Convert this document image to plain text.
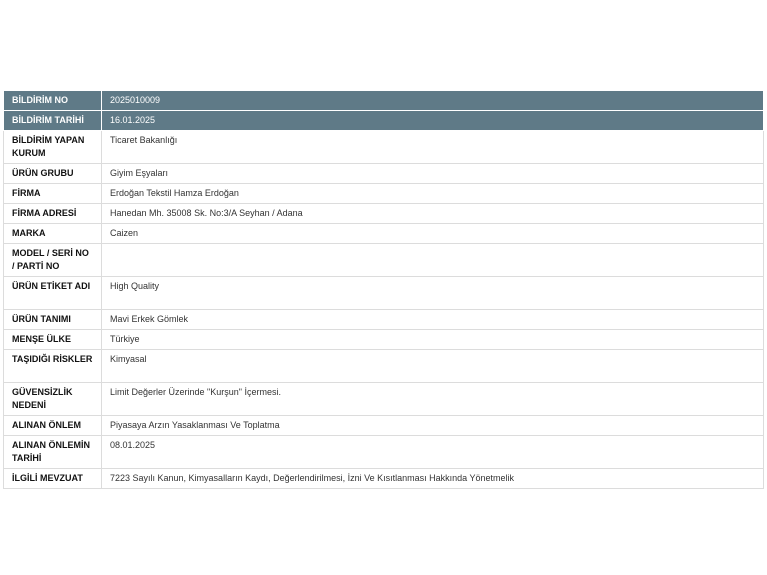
BİLDİRİM NO	2025010009
BİLDİRİM TARİHİ	16.01.2025
BİLDİRİM YAPAN KURUM	Ticaret Bakanlığı
ÜRÜN GRUBU	Giyim Eşyaları
FİRMA	Erdoğan Tekstil Hamza Erdoğan
FİRMA ADRESİ	Hanedan Mh. 35008 Sk. No:3/A Seyhan / Adana
MARKA	Caizen
MODEL / SERİ NO / PARTİ NO	
ÜRÜN ETİKET ADI	High Quality
ÜRÜN TANIMI	Mavi Erkek Gömlek
MENŞE ÜLKE	Türkiye
TAŞIDIĞI RİSKLER	Kimyasal
GÜVENSİZLİK NEDENİ	Limit Değerler Üzerinde "Kurşun" İçermesi.
ALINAN ÖNLEM	Piyasaya Arzın Yasaklanması Ve Toplatma
ALINAN ÖNLEMİN TARİHİ	08.01.2025
İLGİLİ MEVZUAT	7223 Sayılı Kanun, Kimyasalların Kaydı, Değerlendirilmesi, İzni Ve Kısıtlanması Hakkında Yönetmelik
